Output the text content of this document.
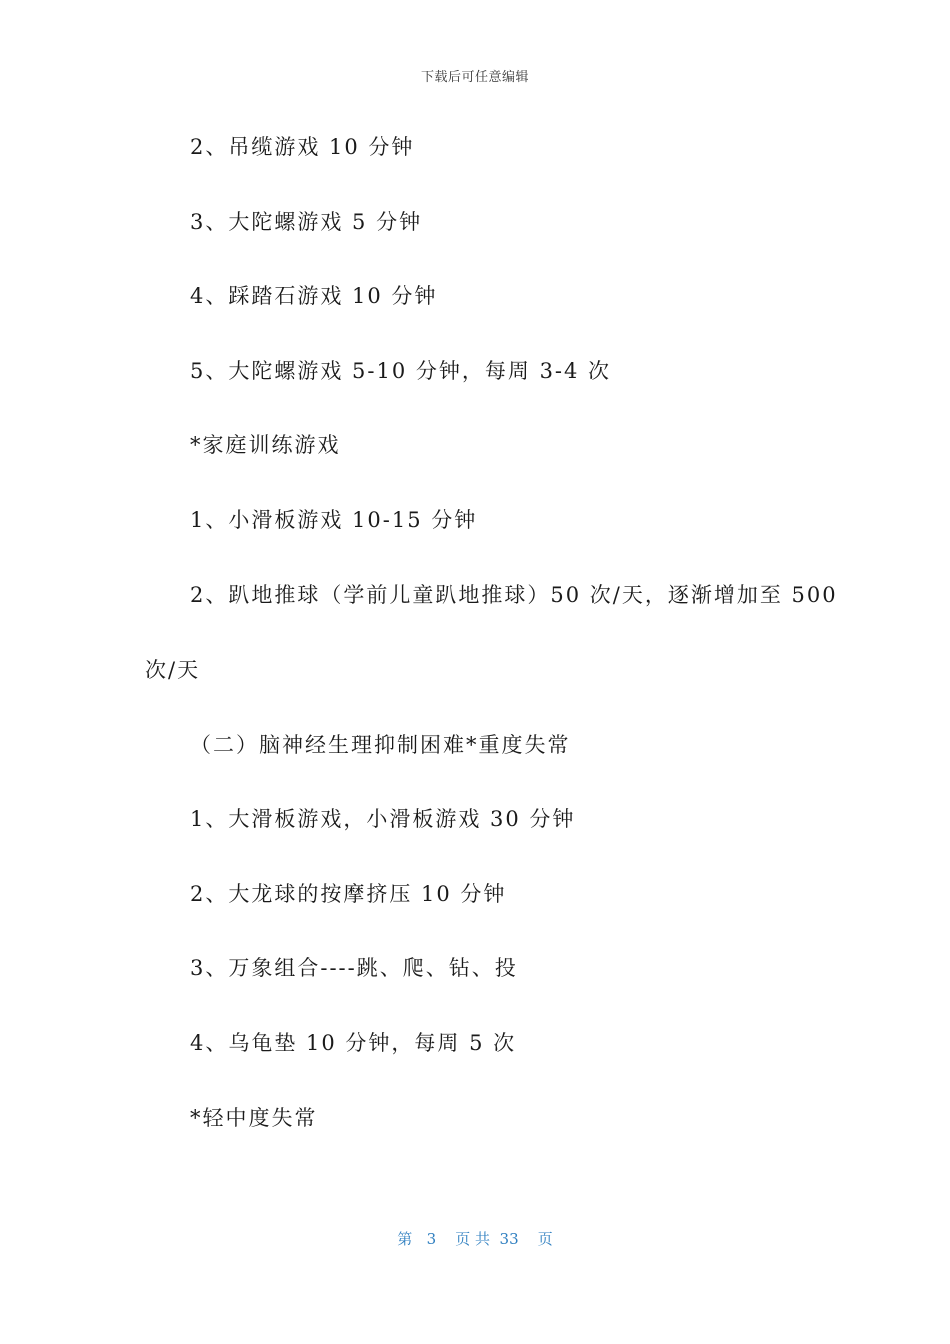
下载后可任意编辑
2、吊缆游戏 10 分钟
3、大陀螺游戏 5 分钟
4、踩踏石游戏 10 分钟
5、大陀螺游戏 5-10 分钟，每周 3-4 次
*家庭训练游戏
1、小滑板游戏 10-15 分钟
2、趴地推球（学前儿童趴地推球）50 次/天，逐渐增加至 500
次/天
（二）脑神经生理抑制困难*重度失常
1、大滑板游戏，小滑板游戏 30 分钟
2、大龙球的按摩挤压 10 分钟
3、万象组合----跳、爬、钻、投
4、乌龟垫 10 分钟，每周 5 次
*轻中度失常
第 3 页 共 33 页
